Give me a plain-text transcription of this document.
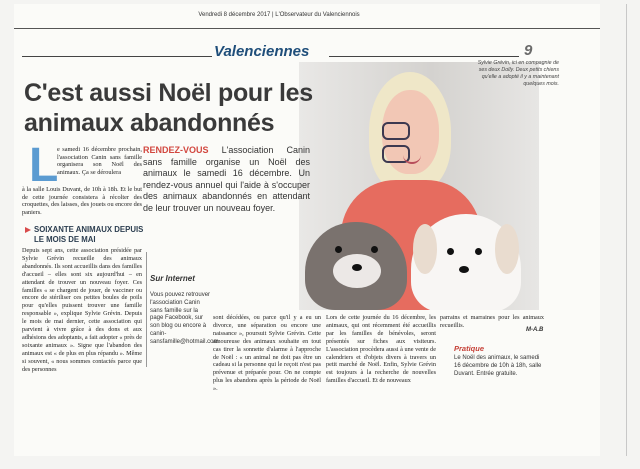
Vendredi 8 décembre 2017 | L'Observateur du Valenciennois
Valenciennes	9
Sylvie Grévin, ici en compagnie de ses deux Dolly. Deux petits chiens qu'elle a adopté il y a maintenant quelques mois.
C'est aussi Noël pour les animaux abandonnés
L
e samedi 16 décembre prochain, l'association Canin sans famille organisera son Noël des animaux. Ça se déroulera
à la salle Louis Duvant, de 10h à 18h. Et le but de cette journée consistera à récolter des croquettes, des laisses, des jouets ou encore des paniers.
SOIXANTE ANIMAUX DEPUIS LE MOIS DE MAI
Depuis sept ans, cette association présidée par Sylvie Grévin recueille des animaux abandonnés. Ils sont accueillis dans des familles d'accueil – elles sont six aujourd'hui – en attendant de trouver un nouveau foyer. Ces familles « se chargent de jouer, de vacciner ou encore de stériliser ces petites boules de poils pour qu'elles puissent trouver une famille responsable », explique Sylvie Grévin. Depuis le mois de mai dernier, cette association qui parvient à vivre grâce à des dons et aux adhésions des adoptants, a fait adopter « près de soixante animaux ». Signe que l'abandon des animaux est « de plus en plus répandu ». Même si souvent, « nous sommes contactés parce que des personnes
RENDEZ-VOUS L'association Canin sans famille organise un Noël des animaux le samedi 16 décembre. Un rendez-vous annuel qui l'aide à s'occuper des animaux abandonnés en attendant de leur trouver un nouveau foyer.
Sur Internet
Vous pouvez retrouver l'association Canin sans famille sur la page Facebook, sur son blog ou encore à canin-sansfamille@hotmail.com
sont décédées, ou parce qu'il y a eu un divorce, une séparation ou encore une naissance », poursuit Sylvie Grévin. Cette amoureuse des animaux souhaite en tout cas tirer la sonnette d'alarme à l'approche de Noël : « un animal ne doit pas être un cadeau si la personne qui le reçoit n'est pas prévenue et préparée pour. On ne compte plus les abandons après la période de Noël ».
Lors de cette journée du 16 décembre, les animaux, qui ont récemment été accueillis par les familles de bénévoles, seront présentés sur fiches aux visiteurs. L'association procèdera aussi à une vente de calendriers et d'objets divers à travers un petit marché de Noël. Enfin, Sylvie Grévin est toujours à la recherche de nouvelles familles d'accueil. Et de nouveaux
parrains et marraines pour les animaux recueillis.
M-A.B
Pratique
Le Noël des animaux, le samedi 16 décembre de 10h à 18h, salle Duvant. Entrée gratuite.
